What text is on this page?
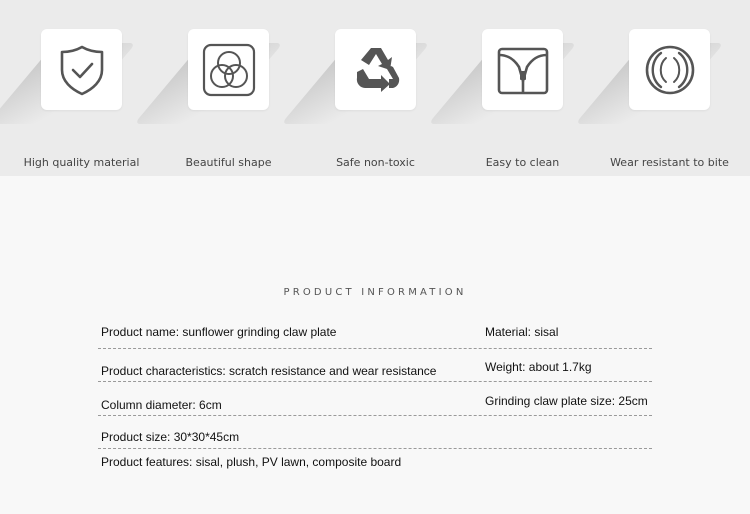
High quality material	Beautiful shape	Safe non-toxic	Easy to clean	Wear resistant to bite
PRODUCT INFORMATION
Product name: sunflower grinding claw plate	Material: sisal
Product characteristics: scratch resistance and wear resistance	Weight: about 1.7kg
Column diameter: 6cm	Grinding claw plate size: 25cm
Product size: 30*30*45cm
Product features: sisal, plush, PV lawn, composite board
